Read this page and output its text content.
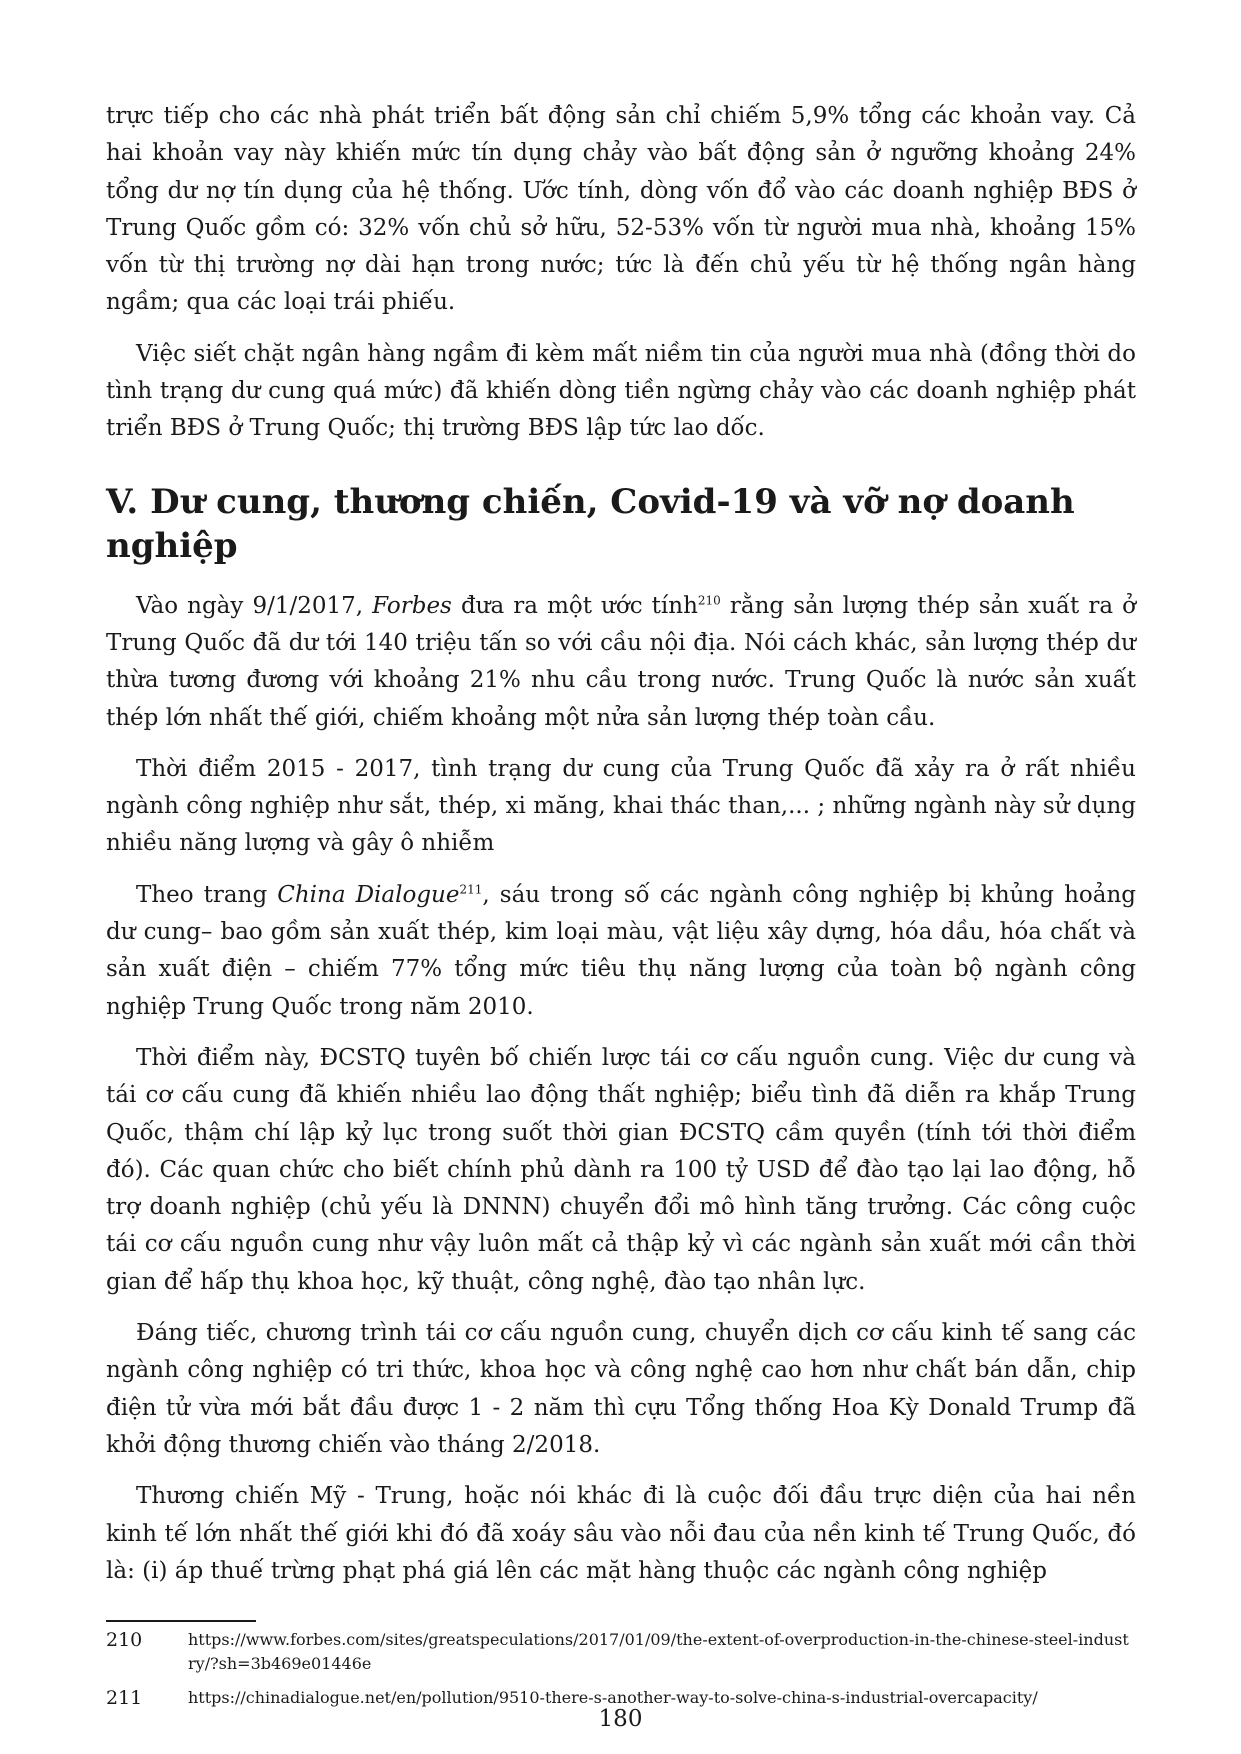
trực tiếp cho các nhà phát triển bất động sản chỉ chiếm 5,9% tổng các khoản vay. Cả hai khoản vay này khiến mức tín dụng chảy vào bất động sản ở ngưỡng khoảng 24% tổng dư nợ tín dụng của hệ thống. Ước tính, dòng vốn đổ vào các doanh nghiệp BĐS ở Trung Quốc gồm có: 32% vốn chủ sở hữu, 52-53% vốn từ người mua nhà, khoảng 15% vốn từ thị trường nợ dài hạn trong nước; tức là đến chủ yếu từ hệ thống ngân hàng ngầm; qua các loại trái phiếu.

Việc siết chặt ngân hàng ngầm đi kèm mất niềm tin của người mua nhà (đồng thời do tình trạng dư cung quá mức) đã khiến dòng tiền ngừng chảy vào các doanh nghiệp phát triển BĐS ở Trung Quốc; thị trường BĐS lập tức lao dốc.

V. Dư cung, thương chiến, Covid-19 và vỡ nợ doanh nghiệp

Vào ngày 9/1/2017, Forbes đưa ra một ước tính$^{210}$ rằng sản lượng thép sản xuất ra ở Trung Quốc đã dư tới 140 triệu tấn so với cầu nội địa. Nói cách khác, sản lượng thép dư thừa tương đương với khoảng 21% nhu cầu trong nước. Trung Quốc là nước sản xuất thép lớn nhất thế giới, chiếm khoảng một nửa sản lượng thép toàn cầu.

Thời điểm 2015 - 2017, tình trạng dư cung của Trung Quốc đã xảy ra ở rất nhiều ngành công nghiệp như sắt, thép, xi măng, khai thác than,... ; những ngành này sử dụng nhiều năng lượng và gây ô nhiễm

Theo trang China Dialogue$^{211}$, sáu trong số các ngành công nghiệp bị khủng hoảng dư cung– bao gồm sản xuất thép, kim loại màu, vật liệu xây dựng, hóa dầu, hóa chất và sản xuất điện – chiếm 77% tổng mức tiêu thụ năng lượng của toàn bộ ngành công nghiệp Trung Quốc trong năm 2010.

Thời điểm này, ĐCSTQ tuyên bố chiến lược tái cơ cấu nguồn cung. Việc dư cung và tái cơ cấu cung đã khiến nhiều lao động thất nghiệp; biểu tình đã diễn ra khắp Trung Quốc, thậm chí lập kỷ lục trong suốt thời gian ĐCSTQ cầm quyền (tính tới thời điểm đó). Các quan chức cho biết chính phủ dành ra 100 tỷ USD để đào tạo lại lao động, hỗ trợ doanh nghiệp (chủ yếu là DNNN) chuyển đổi mô hình tăng trưởng. Các công cuộc tái cơ cấu nguồn cung như vậy luôn mất cả thập kỷ vì các ngành sản xuất mới cần thời gian để hấp thụ khoa học, kỹ thuật, công nghệ, đào tạo nhân lực.

Đáng tiếc, chương trình tái cơ cấu nguồn cung, chuyển dịch cơ cấu kinh tế sang các ngành công nghiệp có tri thức, khoa học và công nghệ cao hơn như chất bán dẫn, chip điện tử vừa mới bắt đầu được 1 - 2 năm thì cựu Tổng thống Hoa Kỳ Donald Trump đã khởi động thương chiến vào tháng 2/2018.

Thương chiến Mỹ - Trung, hoặc nói khác đi là cuộc đối đầu trực diện của hai nền kinh tế lớn nhất thế giới khi đó đã xoáy sâu vào nỗi đau của nền kinh tế Trung Quốc, đó là: (i) áp thuế trừng phạt phá giá lên các mặt hàng thuộc các ngành công nghiệp

210	https://www.forbes.com/sites/greatspeculations/2017/01/09/the-extent-of-overproduction-in-the-chinese-steel-industry/?sh=3b469e01446e
211	https://chinadialogue.net/en/pollution/9510-there-s-another-way-to-solve-china-s-industrial-overcapacity/
180
